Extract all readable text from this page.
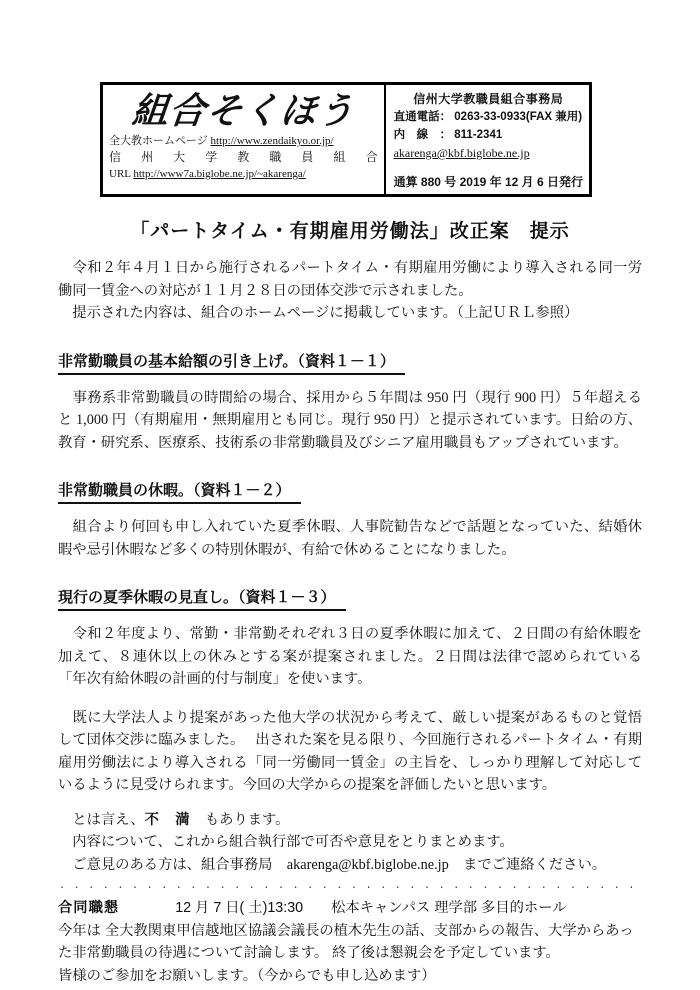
組合そくほう
全大教ホームページ http://www.zendaikyo.or.jp/
信 州 大 学 教 職 員 組 合
URL http://www7a.biglobe.ne.jp/~akarenga/
信州大学教職員組合事務局
直通電話： 0263-33-0933(FAX 兼用)
内　線　： 811-2341
akarenga@kbf.biglobe.ne.jp
通算 880 号 2019 年 12 月 6 日発行
「パートタイム・有期雇用労働法」改正案　提示
　令和２年４月１日から施行されるパートタイム・有期雇用労働により導入される同一労働同一賃金への対応が１１月２８日の団体交渉で示されました。
　提示された内容は、組合のホームページに掲載しています。（上記ＵＲＬ参照）
非常勤職員の基本給額の引き上げ。（資料１－１）
　事務系非常勤職員の時間給の場合、採用から５年間は 950 円（現行 900 円）５年超えると 1,000 円（有期雇用・無期雇用とも同じ。現行 950 円）と提示されています。日給の方、教育・研究系、医療系、技術系の非常勤職員及びシニア雇用職員もアップされています。
非常勤職員の休暇。（資料１－２）
　組合より何回も申し入れていた夏季休暇、人事院勧告などで話題となっていた、結婚休暇や忌引休暇など多くの特別休暇が、有給で休めることになりました。
現行の夏季休暇の見直し。（資料１－３）
　令和２年度より、常勤・非常勤それぞれ３日の夏季休暇に加えて、２日間の有給休暇を加えて、８連休以上の休みとする案が提案されました。２日間は法律で認められている「年次有給休暇の計画的付与制度」を使います。
　既に大学法人より提案があった他大学の状況から考えて、厳しい提案があるものと覚悟して団体交渉に臨みました。　 出された案を見る限り、今回施行されるパートタイム・有期雇用労働法により導入される「同一労働同一賃金」の主旨を、しっかり理解して対応しているように見受けられます。今回の大学からの提案を評価したいと思います。
　とは言え、不　満　もあります。
　内容について、これから組合執行部で可否や意見をとりまとめます。
　ご意見のある方は、組合事務局　akarenga@kbf.biglobe.ne.jp　までご連絡ください。
・・・・・・・・・・・・・・・・・・・・・・・・・・・・・・・・・・・・・・・・
合同職懇	12 月 7 日( 土)13:30 松本キャンパス 理学部 多目的ホール
今年は 全大教関東甲信越地区協議会議長の植木先生の話、支部からの報告、大学からあった非常勤職員の待遇について討論します。 終了後は懇親会を予定しています。
皆様のご参加をお願いします。（今からでも申し込めます）
